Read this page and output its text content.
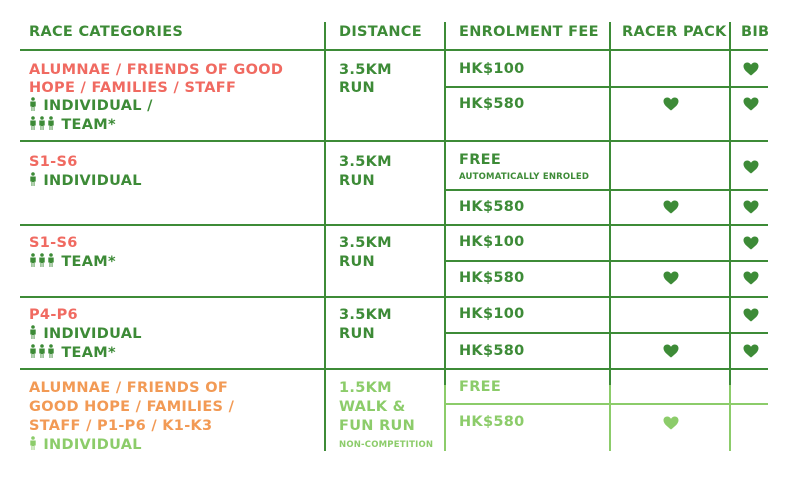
RACE CATEGORIES	DISTANCE	ENROLMENT FEE RACER PACK BIB
ALUMNAE / FRIENDS OF GOOD
HOPE / FAMILIES / STAFF
INDIVIDUAL /
TEAM*
3.5KM
RUN
HK$100
HK$580
S1-S6
INDIVIDUAL
3.5KM
RUN
FREE
AUTOMATICALLY ENROLED
HK$580
S1-S6
TEAM*
3.5KM
RUN
HK$100
HK$580
P4-P6
INDIVIDUAL
TEAM*
3.5KM
RUN
HK$100
HK$580
ALUMNAE / FRIENDS OF
GOOD HOPE / FAMILIES /
STAFF / P1-P6 / K1-K3
INDIVIDUAL
1.5KM
WALK &
FUN RUN
NON-COMPETITION
FREE
HK$580
